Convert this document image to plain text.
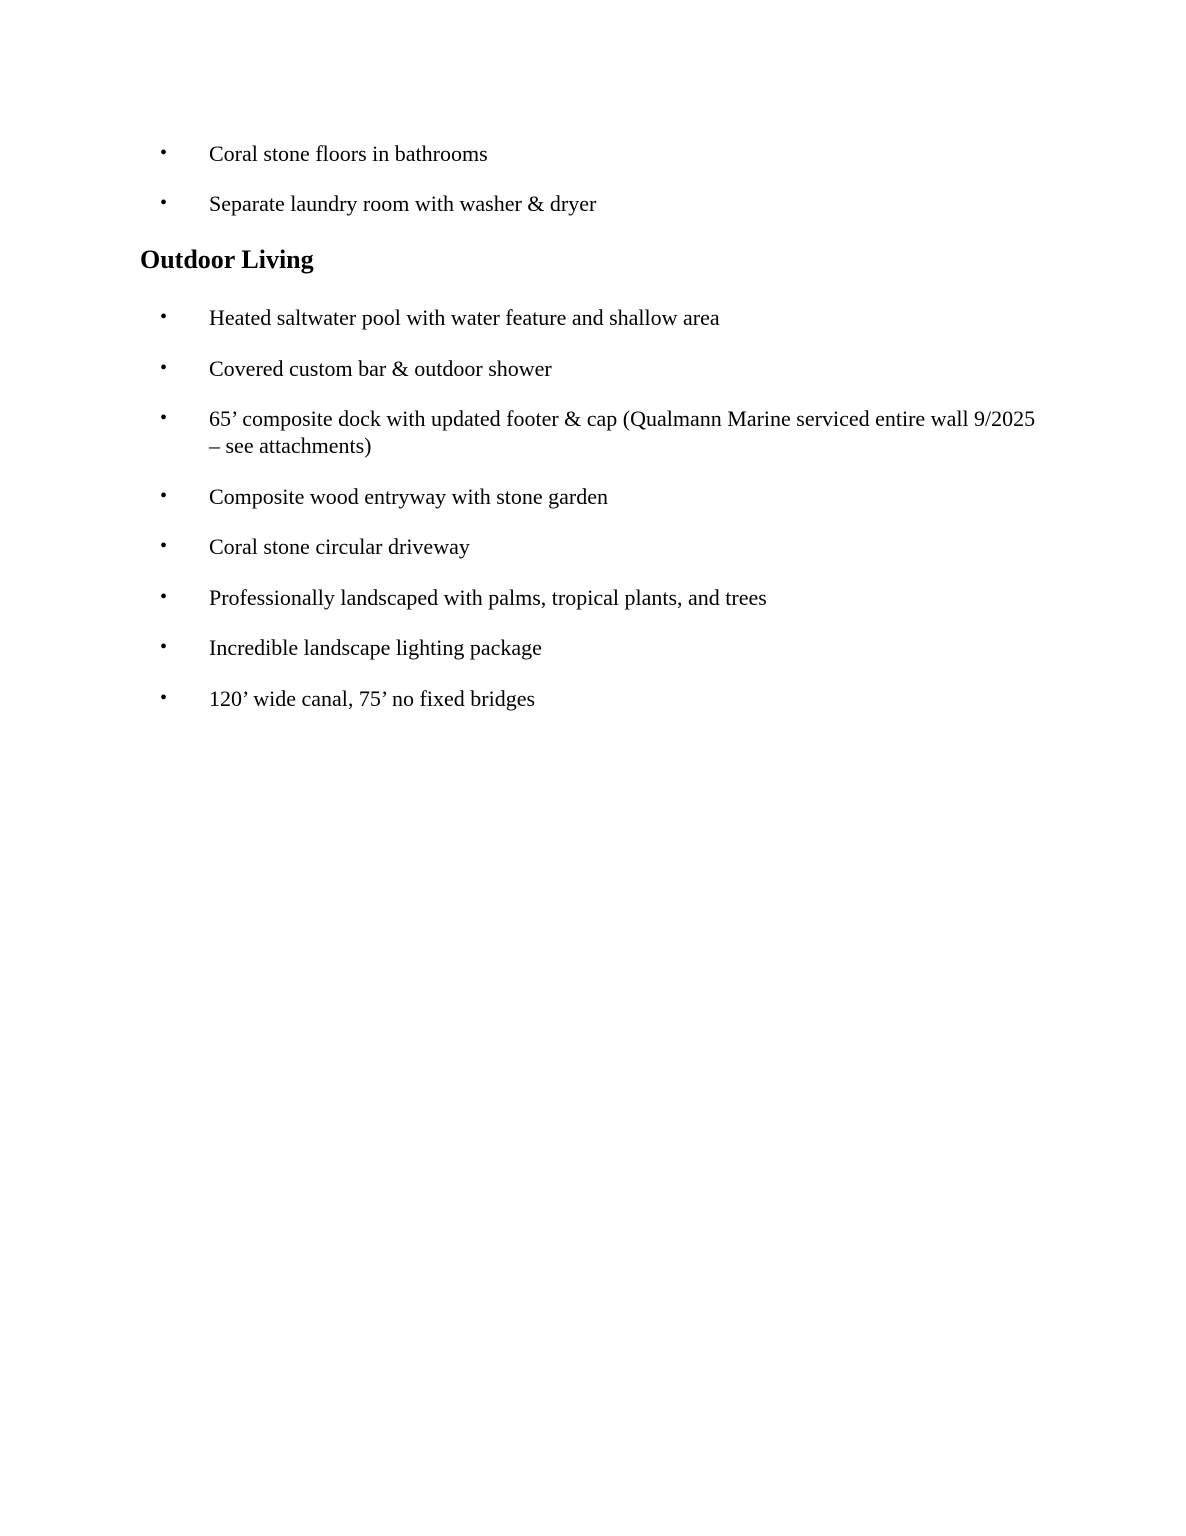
• Coral stone floors in bathrooms
• Separate laundry room with washer & dryer
Outdoor Living
• Heated saltwater pool with water feature and shallow area
• Covered custom bar & outdoor shower
• 65’ composite dock with updated footer & cap (Qualmann Marine serviced entire wall 9/2025 – see attachments)
• Composite wood entryway with stone garden
• Coral stone circular driveway
• Professionally landscaped with palms, tropical plants, and trees
• Incredible landscape lighting package
• 120’ wide canal, 75’ no fixed bridges
